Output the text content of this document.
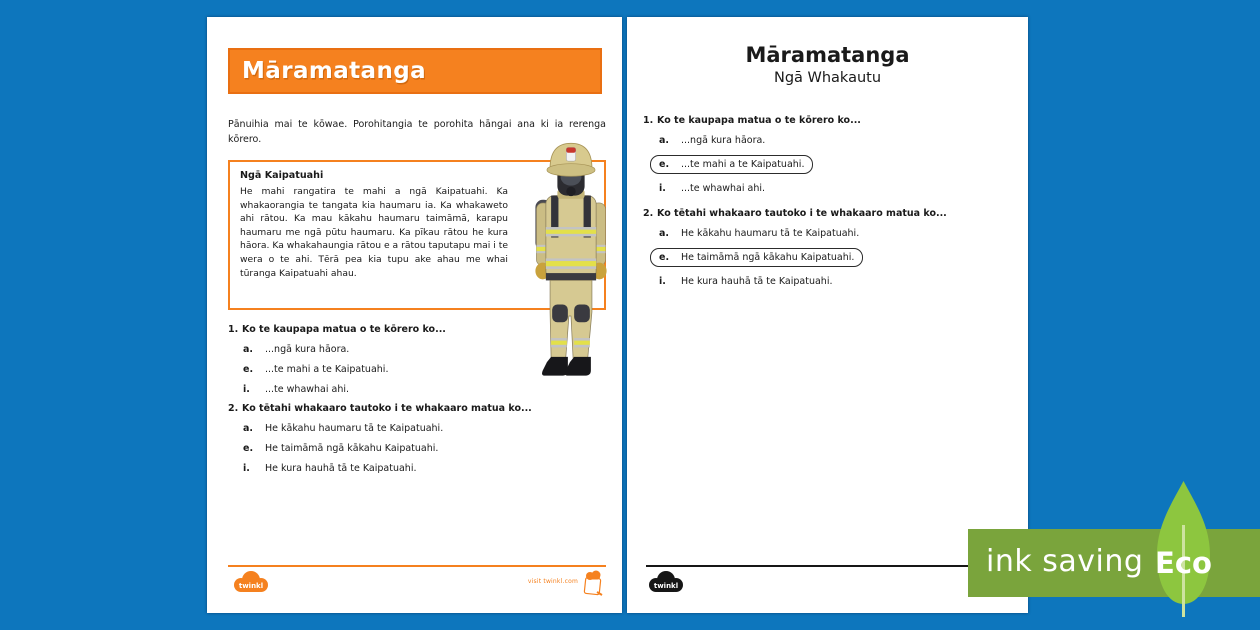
Māramatanga

Pānuihia mai te kōwae. Porohitangia te porohita hāngai ana ki ia rerenga kōrero.

Ngā Kaipatuahi

He mahi rangatira te mahi a ngā Kaipatuahi. Ka whakaorangia te tangata kia haumaru ia. Ka whakaweto ahi rātou. Ka mau kākahu haumaru taimāmā, karapu haumaru me ngā pūtu haumaru. Ka pīkau rātou he kura hāora. Ka whakahaungia rātou e a rātou taputapu mai i te wera o te ahi. Tērā pea kia tupu ake ahau me whai tūranga Kaipatuahi ahau.

1. Ko te kaupapa matua o te kōrero ko...
a.	...ngā kura hāora.
e.	...te mahi a te Kaipatuahi.
i.	...te whawhai ahi.
2. Ko tētahi whakaaro tautoko i te whakaaro matua ko...
a.	He kākahu haumaru tā te Kaipatuahi.
e.	He taimāmā ngā kākahu Kaipatuahi.
i.	He kura hauhā tā te Kaipatuahi.
twinkl
visit twinkl.com

Māramatanga

Ngā Whakautu

1. Ko te kaupapa matua o te kōrero ko...
a.	...ngā kura hāora.
e.	...te mahi a te Kaipatuahi.
i.	...te whawhai ahi.
2. Ko tētahi whakaaro tautoko i te whakaaro matua ko...
a.	He kākahu haumaru tā te Kaipatuahi.
e.	He taimāmā ngā kākahu Kaipatuahi.
i.	He kura hauhā tā te Kaipatuahi.
twinkl
ink saving Eco
